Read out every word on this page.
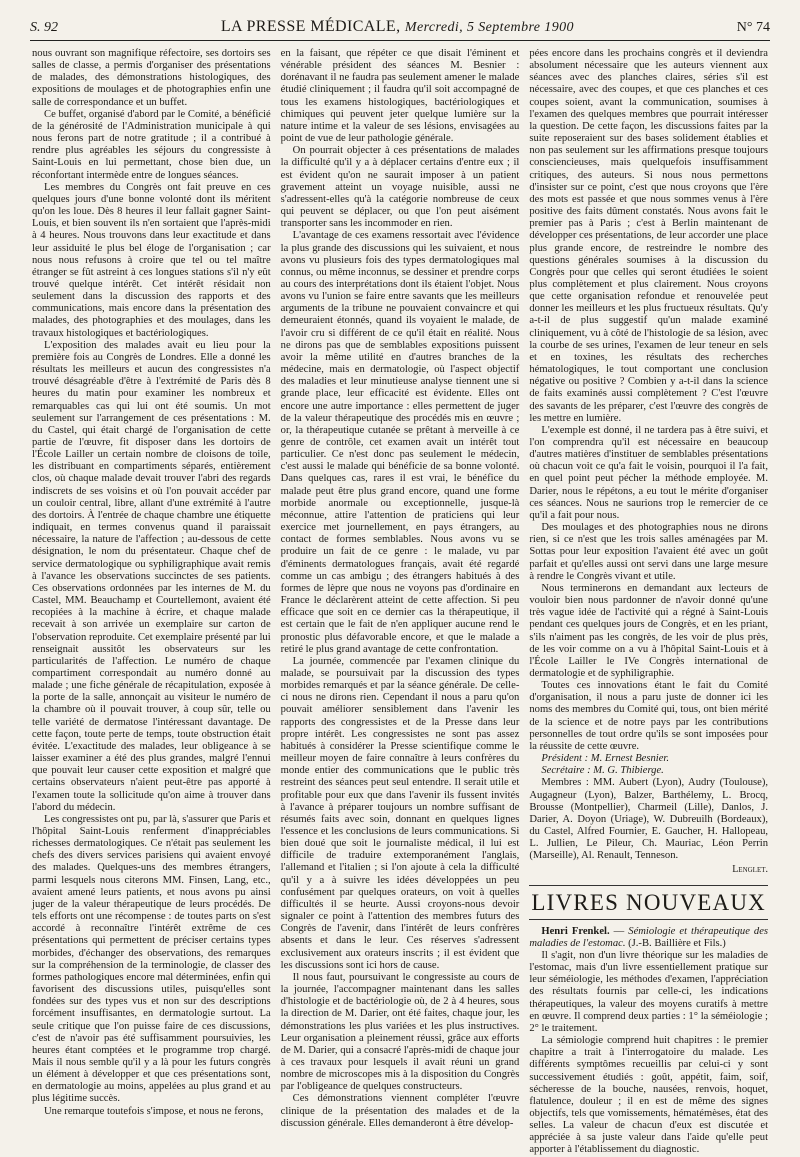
S. 92	LA PRESSE MÉDICALE, Mercredi, 5 Septembre 1900	N° 74

nous ouvrant son magnifique réfectoire, ses dortoirs ses salles de classe, a permis d'organiser des présentations de malades, des démonstrations histologiques, des expositions de moulages et de photographies enfin une salle de correspondance et un buffet.

Ce buffet, organisé d'abord par le Comité, a bénéficié de la générosité de l'Administration municipale à qui nous ferons part de notre gratitude ; il a contribué à rendre plus agréables les séjours du congressiste à Saint-Louis en lui permettant, chose bien due, un réconfortant intermède entre de longues séances.

Les membres du Congrès ont fait preuve en ces quelques jours d'une bonne volonté dont ils méritent qu'on les loue. Dès 8 heures il leur fallait gagner Saint-Louis, et bien souvent ils n'en sortaient que l'après-midi à 4 heures. Nous trouvons dans leur exactitude et dans leur assiduité le plus bel éloge de l'organisation ; car nous nous refusons à croire que tel ou tel maître étranger se fût astreint à ces longues stations s'il n'y eût trouvé quelque intérêt. Cet intérêt résidait non seulement dans la discussion des rapports et des communications, mais encore dans la présentation des malades, des photographies et des moulages, dans les travaux histologiques et bactériologiques.

L'exposition des malades avait eu lieu pour la première fois au Congrès de Londres. Elle a donné les résultats les meilleurs et aucun des congressistes n'a trouvé désagréable d'être à l'extrémité de Paris dès 8 heures du matin pour examiner les nombreux et remarquables cas qui lui ont été soumis. Un mot seulement sur l'arrangement de ces présentations : M. du Castel, qui était chargé de l'organisation de cette partie de l'œuvre, fit disposer dans les dortoirs de l'École Lailler un certain nombre de cloisons de toile, les distribuant en compartiments séparés, entièrement clos, où chaque malade devait trouver l'abri des regards indiscrets de ses voisins et où l'on pouvait accéder par un couloir central, libre, allant d'une extrémité à l'autre des dortoirs. À l'entrée de chaque chambre une étiquette indiquait, en termes convenus quand il paraissait nécessaire, la nature de l'affection ; au-dessous de cette désignation, le nom du présentateur. Chaque chef de service dermatologique ou syphiligraphique avait remis à l'avance les observations succinctes de ses patients. Ces observations ordonnées par les internes de M. du Castel, MM. Beauchamp et Courtellemont, avaient été recopiées à la machine à écrire, et chaque malade recevait à son arrivée un exemplaire sur carton de l'observation reproduite. Cet exemplaire présenté par lui renseignait aussitôt les observateurs sur les particularités de l'affection. Le numéro de chaque compartiment correspondait au numéro donné au malade ; une fiche générale de récapitulation, exposée à la porte de la salle, annonçait au visiteur le numéro de la chambre où il pouvait trouver, à coup sûr, telle ou telle variété de dermatose l'intéressant davantage. De cette façon, toute perte de temps, toute obstruction était évitée. L'exactitude des malades, leur obligeance à se laisser examiner a été des plus grandes, malgré l'ennui que pouvait leur causer cette exposition et malgré que certains observateurs n'aient peut-être pas apporté à l'examen toute la sollicitude qu'on aime à trouver dans l'abord du médecin.

Les congressistes ont pu, par là, s'assurer que Paris et l'hôpital Saint-Louis renferment d'inappréciables richesses dermatologiques. Ce n'était pas seulement les chefs des divers services parisiens qui avaient envoyé des malades. Quelques-uns des membres étrangers, parmi lesquels nous citerons MM. Finsen, Lang, etc., avaient amené leurs patients, et nous avons pu ainsi juger de la valeur thérapeutique de leurs procédés. De tels efforts ont une récompense : de toutes parts on s'est accordé à reconnaître l'intérêt extrême de ces présentations qui permettent de préciser certains types morbides, d'échanger des observations, des remarques sur la compréhension de la terminologie, de classer des formes pathologiques encore mal déterminées, enfin qui favorisent des discussions utiles, puisqu'elles sont fondées sur des types vus et non sur des descriptions forcément insuffisantes, en dermatologie surtout. La seule critique que l'on puisse faire de ces discussions, c'est de n'avoir pas été suffisamment poursuivies, les heures étant comptées et le programme trop chargé. Mais il nous semble qu'il y a là pour les futurs congrès un élément à développer et que ces présentations sont, en dermatologie au moins, appelées au plus grand et au plus légitime succès.

Une remarque toutefois s'impose, et nous ne ferons,

en la faisant, que répéter ce que disait l'éminent et vénérable président des séances M. Besnier : dorénavant il ne faudra pas seulement amener le malade étudié cliniquement ; il faudra qu'il soit accompagné de tous les examens histologiques, bactériologiques et chimiques qui peuvent jeter quelque lumière sur la nature intime et la valeur de ses lésions, envisagées au point de vue de leur pathologie générale.

On pourrait objecter à ces présentations de malades la difficulté qu'il y a à déplacer certains d'entre eux ; il est évident qu'on ne saurait imposer à un patient gravement atteint un voyage nuisible, aussi ne s'adressent-elles qu'à la catégorie nombreuse de ceux qui peuvent se déplacer, ou que l'on peut aisément transporter sans les incommoder en rien.

L'avantage de ces examens ressortait avec l'évidence la plus grande des discussions qui les suivaient, et nous avons vu plusieurs fois des types dermatologiques mal connus, ou même inconnus, se dessiner et prendre corps au cours des interprétations dont ils étaient l'objet. Nous avons vu l'union se faire entre savants que les meilleurs arguments de la tribune ne pouvaient convaincre et qui demeuraient étonnés, quand ils voyaient le malade, de l'avoir cru si différent de ce qu'il était en réalité. Nous ne dirons pas que de semblables expositions puissent avoir la même utilité en d'autres branches de la médecine, mais en dermatologie, où l'aspect objectif des maladies et leur minutieuse analyse tiennent une si grande place, leur efficacité est évidente. Elles ont encore une autre importance : elles permettent de juger de la valeur thérapeutique des procédés mis en œuvre ; or, la thérapeutique cutanée se prêtant à merveille à ce genre de contrôle, cet examen avait un intérêt tout particulier. Ce n'est donc pas seulement le médecin, c'est aussi le malade qui bénéficie de sa bonne volonté. Dans quelques cas, rares il est vrai, le bénéfice du malade peut être plus grand encore, quand une forme morbide anormale ou exceptionnelle, jusque-là méconnue, attire l'attention de praticiens qui leur exercice met journellement, en pays étrangers, au contact de formes semblables. Nous avons vu se produire un fait de ce genre : le malade, vu par d'éminents dermatologues français, avait été regardé comme un cas ambigu ; des étrangers habitués à des formes de lèpre que nous ne voyons pas d'ordinaire en France le déclarèrent atteint de cette affection. Si peu efficace que soit en ce dernier cas la thérapeutique, il est certain que le fait de n'en appliquer aucune rend le pronostic plus défavorable encore, et que le malade a retiré le plus grand avantage de cette confrontation.

La journée, commencée par l'examen clinique du malade, se poursuivait par la discussion des types morbides remarqués et par la séance générale. De celle-ci nous ne dirons rien. Cependant il nous a paru qu'on pouvait améliorer sensiblement dans l'avenir les rapports des congressistes et de la Presse dans leur propre intérêt. Les congressistes ne sont pas assez habitués à considérer la Presse scientifique comme le meilleur moyen de faire connaître à leurs confrères du monde entier des communications que le public très restreint des séances peut seul entendre. Il serait utile et profitable pour eux que dans l'avenir ils fussent invités à l'avance à préparer toujours un nombre suffisant de résumés faits avec soin, donnant en quelques lignes l'essence et les conclusions de leurs communications. Si bien doué que soit le journaliste médical, il lui est difficile de traduire extemporanément l'anglais, l'allemand et l'italien ; si l'on ajoute à cela la difficulté qu'il y a à suivre les idées développées un peu confusément par quelques orateurs, on voit à quelles difficultés il se heurte. Aussi croyons-nous devoir signaler ce point à l'attention des membres futurs des Congrès de l'avenir, dans l'intérêt de leurs confrères absents et dans le leur. Ces réserves s'adressent exclusivement aux orateurs inscrits ; il est évident que les discussions sont ici hors de cause.

Il nous faut, poursuivant le congressiste au cours de la journée, l'accompagner maintenant dans les salles d'histologie et de bactériologie où, de 2 à 4 heures, sous la direction de M. Darier, ont été faites, chaque jour, les démonstrations les plus variées et les plus instructives. Leur organisation a pleinement réussi, grâce aux efforts de M. Darier, qui a consacré l'après-midi de chaque jour à ces travaux pour lesquels il avait réuni un grand nombre de microscopes mis à la disposition du Congrès par l'obligeance de quelques constructeurs.

Ces démonstrations viennent compléter l'œuvre clinique de la présentation des malades et de la discussion générale. Elles demanderont à être dévelop-

pées encore dans les prochains congrès et il deviendra absolument nécessaire que les auteurs viennent aux séances avec des planches claires, séries s'il est nécessaire, avec des coupes, et que ces planches et ces coupes soient, avant la communication, soumises à l'examen des quelques membres que pourrait intéresser la question. De cette façon, les discussions faites par la suite reposeraient sur des bases solidement établies et non pas seulement sur les affirmations presque toujours consciencieuses, mais quelquefois insuffisamment critiques, des auteurs. Si nous nous permettons d'insister sur ce point, c'est que nous croyons que l'ère des mots est passée et que nous sommes venus à l'ère positive des faits dûment constatés. Nous avons fait le premier pas à Paris ; c'est à Berlin maintenant de développer ces présentations, de leur accorder une place plus grande encore, de restreindre le nombre des questions générales soumises à la discussion du Congrès pour que celles qui seront étudiées le soient plus complètement et plus clairement. Nous croyons que cette organisation refondue et renouvelée peut donner les meilleurs et les plus fructueux résultats. Qu'y a-t-il de plus suggestif qu'un malade examiné cliniquement, vu à côté de l'histologie de sa lésion, avec la courbe de ses urines, l'examen de leur teneur en sels et en toxines, les résultats des recherches hématologiques, le tout comportant une conclusion négative ou positive ? Combien y a-t-il dans la science de faits examinés aussi complètement ? C'est l'œuvre des savants de les préparer, c'est l'œuvre des congrès de les mettre en lumière.

L'exemple est donné, il ne tardera pas à être suivi, et l'on comprendra qu'il est nécessaire en beaucoup d'autres matières d'instituer de semblables présentations où chacun voit ce qu'a fait le voisin, pourquoi il l'a fait, en quel point peut pécher la méthode employée. M. Darier, nous le répétons, a eu tout le mérite d'organiser ces séances. Nous ne saurions trop le remercier de ce qu'il a fait pour nous.

Des moulages et des photographies nous ne dirons rien, si ce n'est que les trois salles aménagées par M. Sottas pour leur exposition l'avaient été avec un goût parfait et qu'elles aussi ont servi dans une large mesure à rendre le Congrès vivant et utile.

Nous terminerons en demandant aux lecteurs de vouloir bien nous pardonner de n'avoir donné qu'une très vague idée de l'activité qui a régné à Saint-Louis pendant ces quelques jours de Congrès, et en les priant, s'ils n'aiment pas les congrès, de les voir de plus près, de les voir comme on a vu à l'hôpital Saint-Louis et à l'École Lailler le IVe Congrès international de dermatologie et de syphiligraphie.

Toutes ces innovations étant le fait du Comité d'organisation, il nous a paru juste de donner ici les noms des membres du Comité qui, tous, ont bien mérité de la science et de notre pays par les contributions personnelles de tout ordre qu'ils se sont imposées pour la réussite de cette œuvre.

Président : M. Ernest Besnier.

Secrétaire : M. G. Thibierge.

Membres : MM. Aubert (Lyon), Audry (Toulouse), Augagneur (Lyon), Balzer, Barthélemy, L. Brocq, Brousse (Montpellier), Charmeil (Lille), Danlos, J. Darier, A. Doyon (Uriage), W. Dubreuilh (Bordeaux), du Castel, Alfred Fournier, E. Gaucher, H. Hallopeau, L. Jullien, Le Pileur, Ch. Mauriac, Léon Perrin (Marseille), Al. Renault, Tenneson.

Lenglet.
LIVRES NOUVEAUX

Henri Frenkel. — Sémiologie et thérapeutique des maladies de l'estomac. (J.-B. Baillière et Fils.)

Il s'agit, non d'un livre théorique sur les maladies de l'estomac, mais d'un livre essentiellement pratique sur leur séméiologie, les méthodes d'examen, l'appréciation des résultats fournis par celle-ci, les indications thérapeutiques, la valeur des moyens curatifs à mettre en œuvre. Il comprend deux parties : 1° la séméiologie ; 2° le traitement.

La sémiologie comprend huit chapitres : le premier chapitre a trait à l'interrogatoire du malade. Les différents symptômes recueillis par celui-ci y sont successivement étudiés : goût, appétit, faim, soif, sécheresse de la bouche, nausées, renvois, hoquet, flatulence, douleur ; il en est de même des signes objectifs, tels que vomissements, hématémèses, état des selles. La valeur de chacun d'eux est discutée et appréciée à sa juste valeur dans l'aide qu'elle peut apporter à l'établissement du diagnostic.
